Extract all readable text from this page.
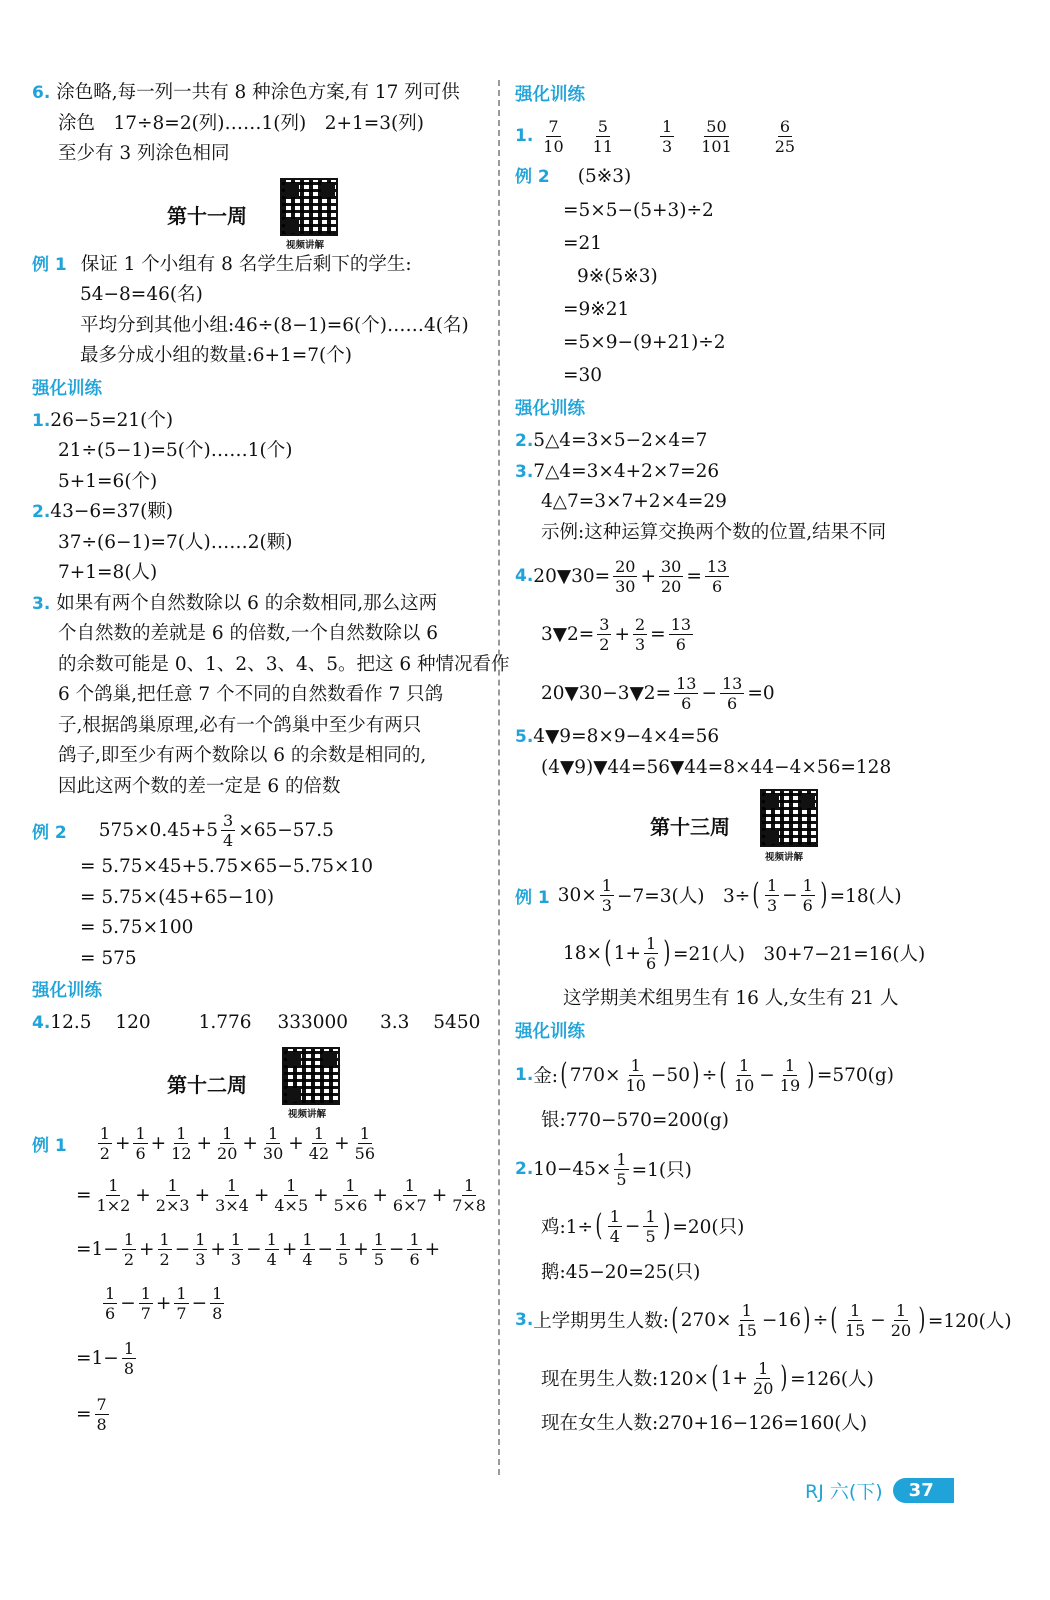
6. 涂色略,每一列一共有 8 种涂色方案,有 17 列可供
涂色　17÷8=2(列)……1(列)　2+1=3(列)
至少有 3 列涂色相同
第十一周
视频讲解
例 1 保证 1 个小组有 8 名学生后剩下的学生:
54−8=46(名)
平均分到其他小组:46÷(8−1)=6(个)……4(名)
最多分成小组的数量:6+1=7(个)
强化训练
1.26−5=21(个)
21÷(5−1)=5(个)……1(个)
5+1=6(个)
2.43−6=37(颗)
37÷(6−1)=7(人)……2(颗)
7+1=8(人)
3. 如果有两个自然数除以 6 的余数相同,那么这两
个自然数的差就是 6 的倍数,一个自然数除以 6
的余数可能是 0、1、2、3、4、5。把这 6 种情况看作
6 个鸽巢,把任意 7 个不同的自然数看作 7 只鸽
子,根据鸽巢原理,必有一个鸽巢中至少有两只
鸽子,即至少有两个数除以 6 的余数是相同的,
因此这两个数的差一定是 6 的倍数
例 2 $575\times 0.45+5 \frac{3}{4} \times 65-57.5$
= 5.75×45+5.75×65−5.75×10
= 5.75×(45+65−10)
= 5.75×100
= 575
强化训练
4.12.5 120	1.776 333000 3.3 5450
第十二周
视频讲解
例 1
1
$2 + \frac{1}{6} + \frac{1}{12} + \frac{1}{20} + \frac{1}{30} + \frac{1}{42} + \frac{1}{56}$
= 1
$1\times 2 + \frac{1}{2\times 3} + \frac{1}{3\times 4} + \frac{1}{4\times 5} + \frac{1}{5\times 6} + \frac{1}{6\times 7} + \frac{1}{7\times 8}$
= $1 - \frac{1}{2} + \frac{1}{2} - \frac{1}{3} + \frac{1}{3} - \frac{1}{4} + \frac{1}{4} - \frac{1}{5} + \frac{1}{5} - \frac{1}{6}$ +
1
$6 - \frac{1}{7} + \frac{1}{7} - \frac{1}{8}$
= 1 − 1
8
= 7
8
强化训练
1. 7
10
5
11
1
3
50
101
6
25
例 2 (5※3)
=5×5−(5+3)÷2
=21
9※(5※3)
=9※21
=5×9−(9+21)÷2
=30
强化训练
2.5△4=3×5−2×4=7
3.7△4=3×4+2×7=26
4△7=3×7+2×4=29
示例:这种运算交换两个数的位置,结果不同
4. 20▼30= $\frac{20}{30} + 30$
20 = 13
6
3▼2= $\frac{3}{2} + 2$
3 = 13
6
20▼30−3▼2= $\frac{13}{6} - 13$
6 = 0
5.4▼9=8×9−4×4=56
(4▼9)▼44=56▼44=8×44−4×56=128
第十三周
视频讲解
例 1 $30\times \frac{1}{3} -7=3$(人)　3÷ ( 1
3 − 1
6 ) =18(人)
18× ( 1+ 1
6 ) =21(人)　30+7−21=16(人)
这学期美术组男生有 16 人,女生有 21 人
强化训练
1. 金: ( $770\times \frac{1}{10} -50$ ) ÷ ( 1
10 − 1
19 ) =570(g)
银:770−570=200(g)
2. $10-45\times \frac{1}{5} =1$(只)
鸡:1÷ ( 1
4 − 1
5 ) =20(只)
鹅:45−20=25(只)
3. 上学期男生人数: ( $270\times \frac{1}{15} -16$ ) ÷ ( 1
15 − 1
20 ) =120(人)
现在男生人数:120× ( 1+ 1
20 ) =126(人)
现在女生人数:270+16−126=160(人)
RJ 六(下)	37
